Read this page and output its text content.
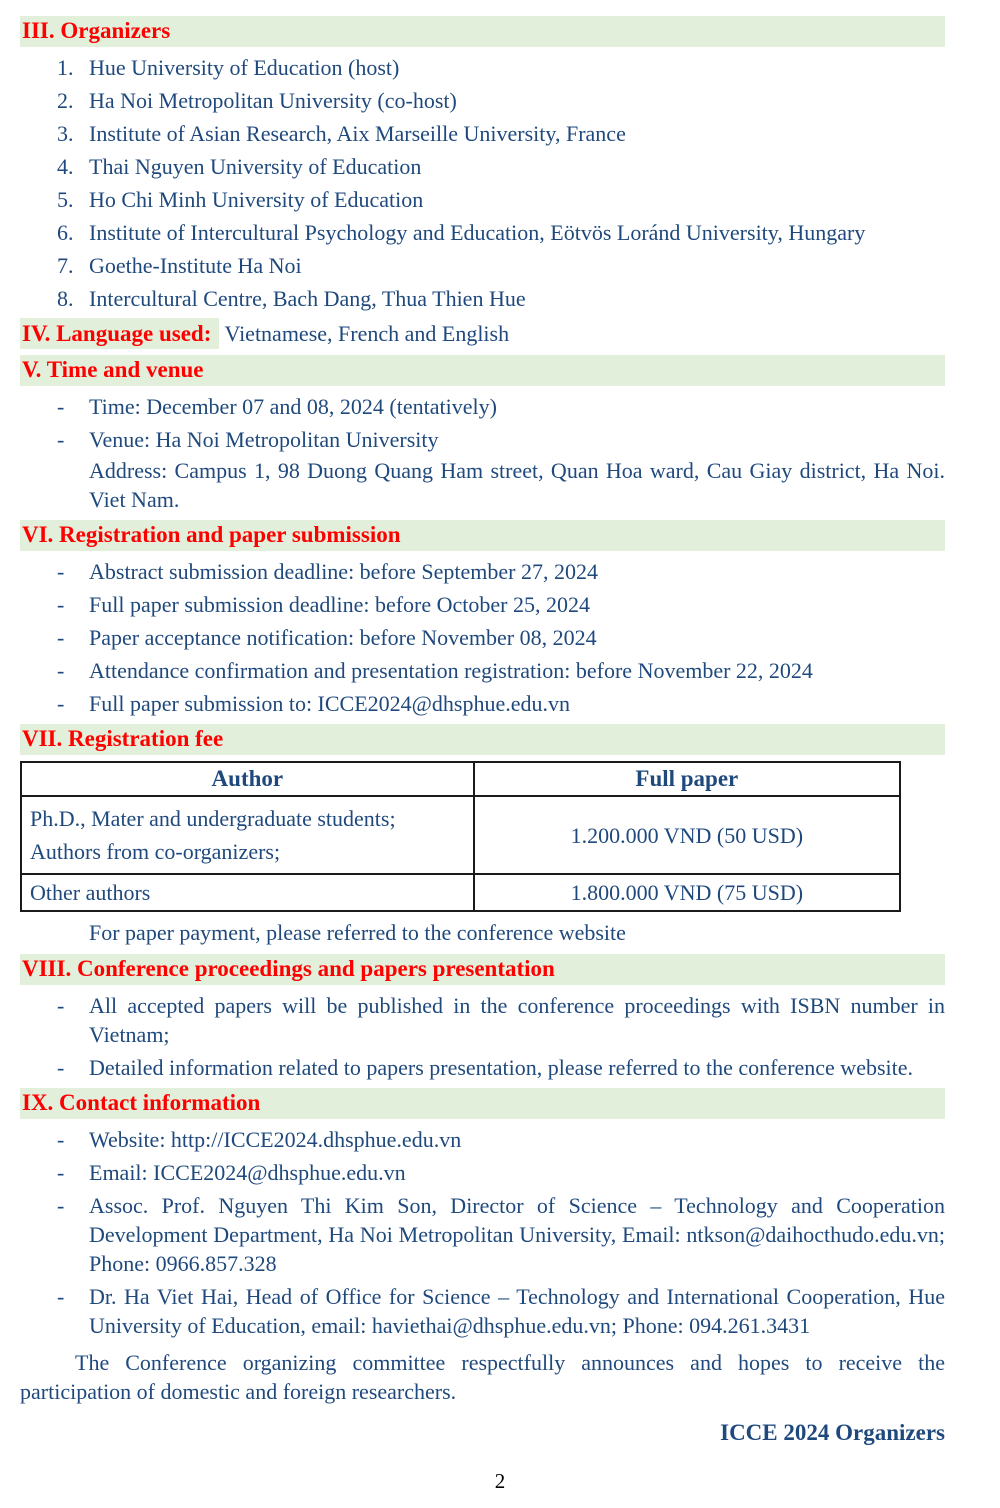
III. Organizers
1. Hue University of Education (host)
2. Ha Noi Metropolitan University (co-host)
3. Institute of Asian Research, Aix Marseille University, France
4. Thai Nguyen University of Education
5. Ho Chi Minh University of Education
6. Institute of Intercultural Psychology and Education, Eötvös Loránd University, Hungary
7. Goethe-Institute Ha Noi
8. Intercultural Centre, Bach Dang, Thua Thien Hue
IV. Language used: Vietnamese, French and English
V. Time and venue
- Time: December 07 and 08, 2024 (tentatively)
- Venue: Ha Noi Metropolitan University
Address: Campus 1, 98 Duong Quang Ham street, Quan Hoa ward, Cau Giay district, Ha Noi. Viet Nam.
VI. Registration and paper submission
- Abstract submission deadline: before September 27, 2024
- Full paper submission deadline: before October 25, 2024
- Paper acceptance notification: before November 08, 2024
- Attendance confirmation and presentation registration: before November 22, 2024
- Full paper submission to: ICCE2024@dhsphue.edu.vn
VII. Registration fee
Author	Full paper

Ph.D., Mater and undergraduate students;
Authors from co-organizers;	1.200.000 VND (50 USD)
Other authors	1.800.000 VND (75 USD)
For paper payment, please referred to the conference website
VIII. Conference proceedings and papers presentation
- All accepted papers will be published in the conference proceedings with ISBN number in Vietnam;
- Detailed information related to papers presentation, please referred to the conference website.
IX. Contact information
- Website: http://ICCE2024.dhsphue.edu.vn
- Email: ICCE2024@dhsphue.edu.vn
- Assoc. Prof. Nguyen Thi Kim Son, Director of Science – Technology and Cooperation Development Department, Ha Noi Metropolitan University, Email: ntkson@daihocthudo.edu.vn; Phone: 0966.857.328
- Dr. Ha Viet Hai, Head of Office for Science – Technology and International Cooperation, Hue University of Education, email: haviethai@dhsphue.edu.vn; Phone: 094.261.3431
The Conference organizing committee respectfully announces and hopes to receive the participation of domestic and foreign researchers.
ICCE 2024 Organizers
2
